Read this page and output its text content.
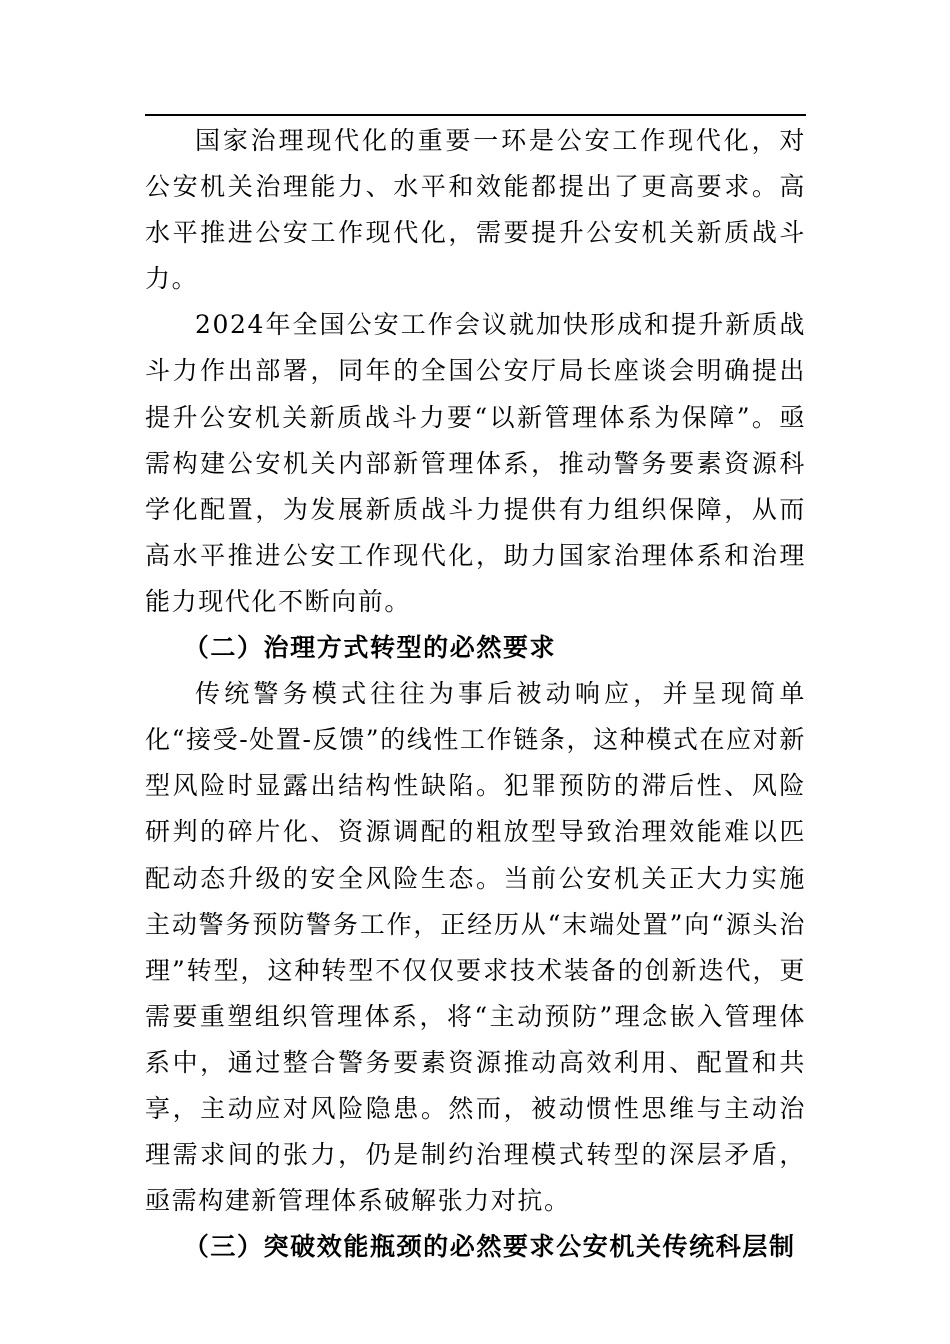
国家治理现代化的重要一环是公安工作现代化，对公安机关治理能力、水平和效能都提出了更高要求。高水平推进公安工作现代化，需要提升公安机关新质战斗力。

2024年全国公安工作会议就加快形成和提升新质战斗力作出部署，同年的全国公安厅局长座谈会明确提出提升公安机关新质战斗力要“以新管理体系为保障”。亟需构建公安机关内部新管理体系，推动警务要素资源科学化配置，为发展新质战斗力提供有力组织保障，从而高水平推进公安工作现代化，助力国家治理体系和治理能力现代化不断向前。

（二）治理方式转型的必然要求

传统警务模式往往为事后被动响应，并呈现简单化“接受-处置-反馈”的线性工作链条，这种模式在应对新型风险时显露出结构性缺陷。犯罪预防的滞后性、风险研判的碎片化、资源调配的粗放型导致治理效能难以匹配动态升级的安全风险生态。当前公安机关正大力实施主动警务预防警务工作，正经历从“末端处置”向“源头治理”转型，这种转型不仅仅要求技术装备的创新迭代，更需要重塑组织管理体系，将“主动预防”理念嵌入管理体系中，通过整合警务要素资源推动高效利用、配置和共享，主动应对风险隐患。然而，被动惯性思维与主动治理需求间的张力，仍是制约治理模式转型的深层矛盾，亟需构建新管理体系破解张力对抗。

（三）突破效能瓶颈的必然要求公安机关传统科层制
